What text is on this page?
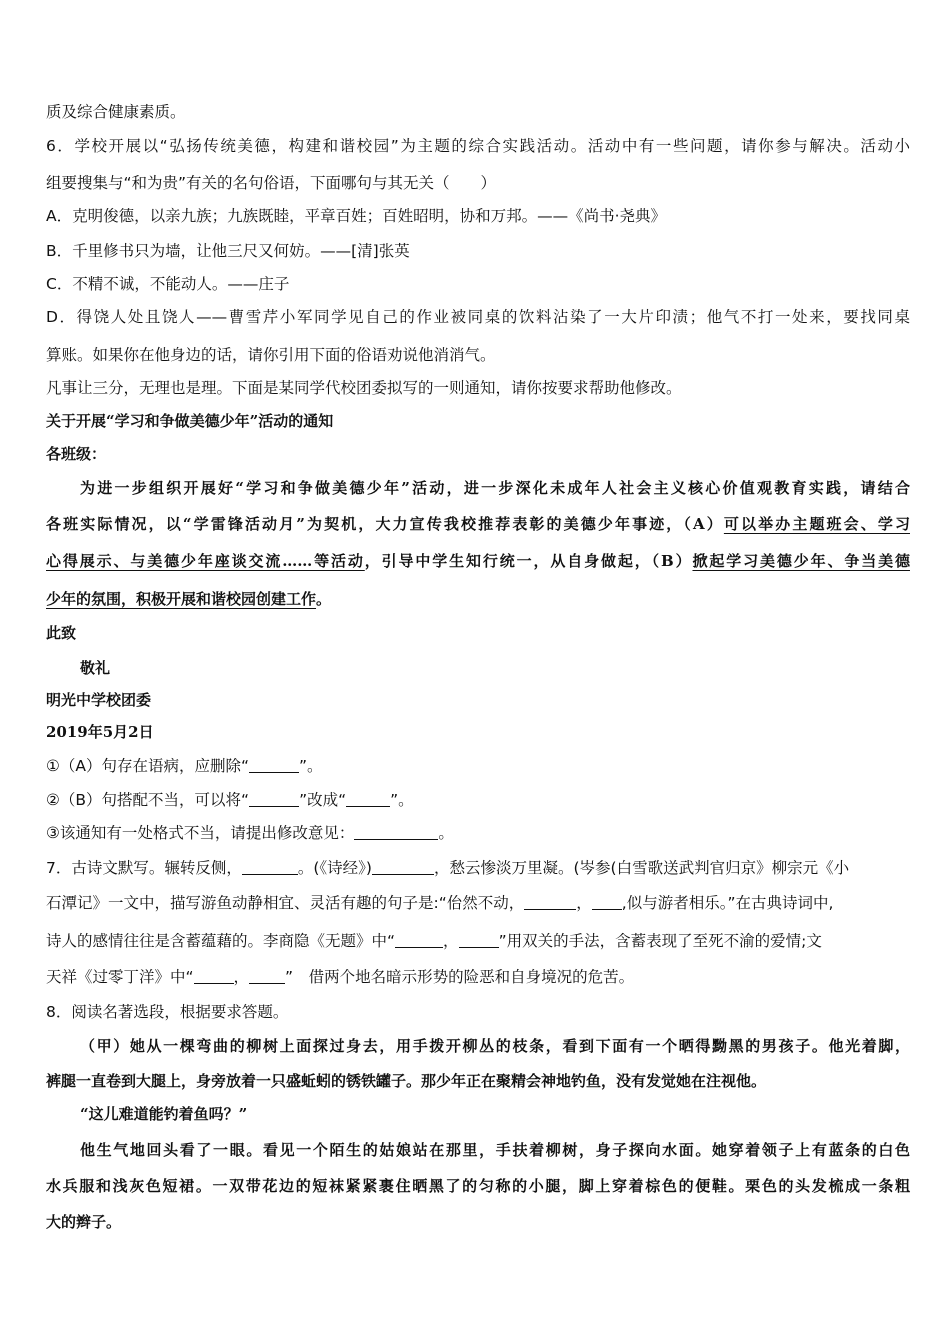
质及综合健康素质。
6．学校开展以“弘扬传统美德，构建和谐校园”为主题的综合实践活动。活动中有一些问题，请你参与解决。活动小
组要搜集与“和为贵”有关的名句俗语，下面哪句与其无关（　　）
A．克明俊德，以亲九族；九族既睦，平章百姓；百姓昭明，协和万邦。——《尚书·尧典》
B．千里修书只为墙，让他三尺又何妨。——[清]张英
C．不精不诚，不能动人。——庄子
D．得饶人处且饶人——曹雪芹小军同学见自己的作业被同桌的饮料沾染了一大片印渍；他气不打一处来，要找同桌
算账。如果你在他身边的话，请你引用下面的俗语劝说他消消气。
凡事让三分，无理也是理。下面是某同学代校团委拟写的一则通知，请你按要求帮助他修改。
关于开展“学习和争做美德少年”活动的通知
各班级：
为进一步组织开展好“学习和争做美德少年”活动，进一步深化未成年人社会主义核心价值观教育实践，请结合
各班实际情况，以“学雷锋活动月”为契机，大力宣传我校推荐表彰的美德少年事迹，（A）可以举办主题班会、学习
心得展示、与美德少年座谈交流……等活动，引导中学生知行统一，从自身做起，（B）掀起学习美德少年、争当美德
少年的氛围，积极开展和谐校园创建工作。
此致
敬礼
明光中学校团委
2019年5月2日
①（A）句存在语病，应删除“	”。
②（B）句搭配不当，可以将“	”改成“	”。
③该通知有一处格式不当，请提出修改意见：	。
7．古诗文默写。辗转反侧，	。(《诗经》)	，愁云惨淡万里凝。(岑参(白雪歌送武判官归京》柳宗元《小
石潭记》一文中，描写游鱼动静相宜、灵活有趣的句子是:“佁然不动，	， ,似与游者相乐。”在古典诗词中,
诗人的感情往往是含蓄蕴藉的。李商隐《无题》中“	，	”用双关的手法，含蓄表现了至死不渝的爱情;文
天祥《过零丁洋》中“	， ”　借两个地名暗示形势的险恶和自身境况的危苦。
8．阅读名著选段，根据要求答题。
（甲）她从一棵弯曲的柳树上面探过身去，用手拨开柳丛的枝条，看到下面有一个晒得黝黑的男孩子。他光着脚，
裤腿一直卷到大腿上，身旁放着一只盛蚯蚓的锈铁罐子。那少年正在聚精会神地钓鱼，没有发觉她在注视他。
“这儿难道能钓着鱼吗？”
他生气地回头看了一眼。看见一个陌生的姑娘站在那里，手扶着柳树，身子探向水面。她穿着领子上有蓝条的白色
水兵服和浅灰色短裙。一双带花边的短袜紧紧裹住晒黑了的匀称的小腿，脚上穿着棕色的便鞋。栗色的头发梳成一条粗
大的辫子。
